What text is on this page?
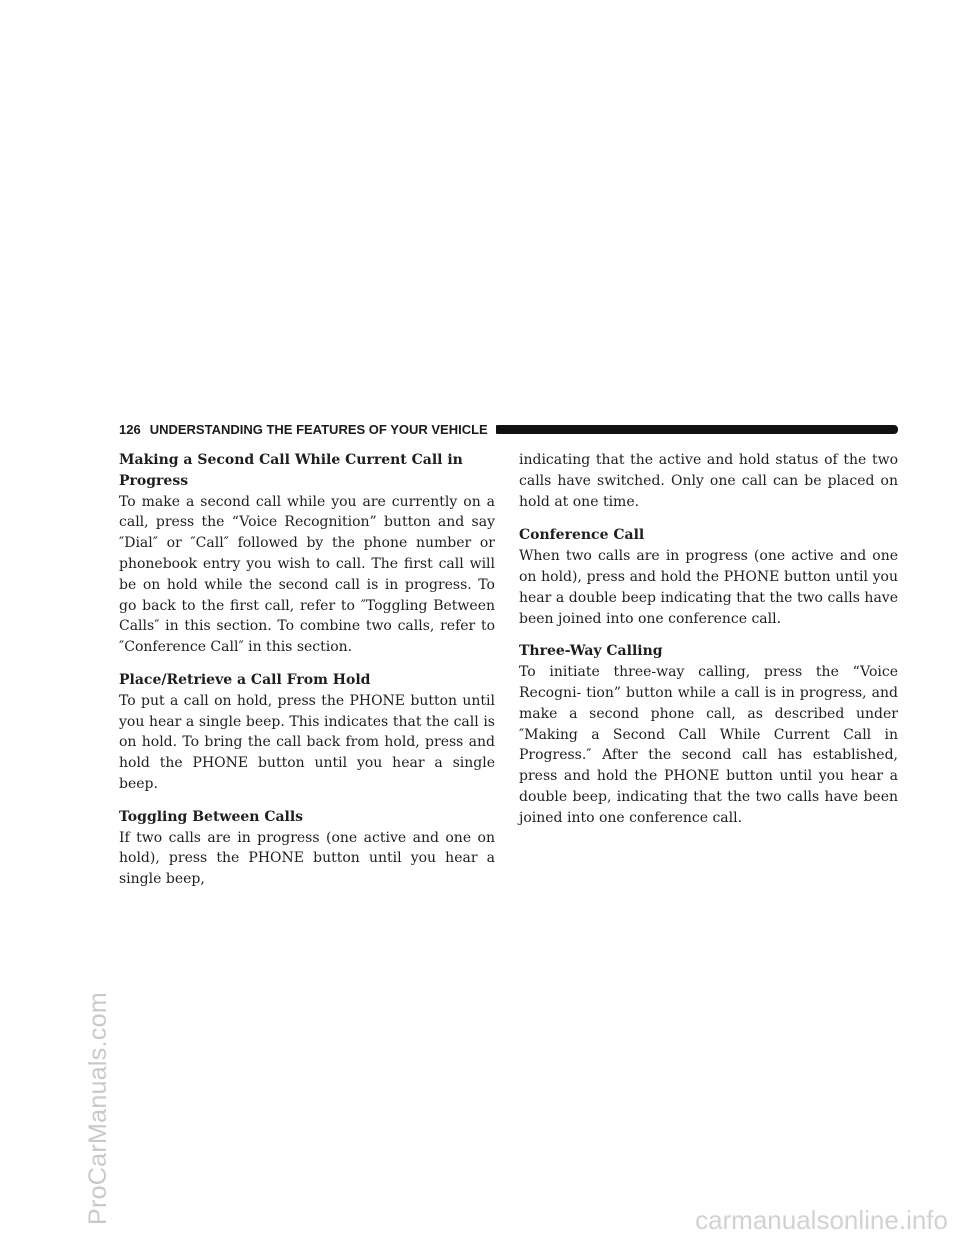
ProCarManuals.com	carmanualsonline.info
126 UNDERSTANDING THE FEATURES OF YOUR VEHICLE
Making a Second Call While Current Call in Progress

To make a second call while you are currently on a call, press the “Voice Recognition” button and say ″Dial″ or ″Call″ followed by the phone number or phonebook entry you wish to call. The first call will be on hold while the second call is in progress. To go back to the first call, refer to ″Toggling Between Calls″ in this section. To combine two calls, refer to ″Conference Call″ in this section.

Place/Retrieve a Call From Hold

To put a call on hold, press the PHONE button until you hear a single beep. This indicates that the call is on hold. To bring the call back from hold, press and hold the PHONE button until you hear a single beep.

Toggling Between Calls

If two calls are in progress (one active and one on hold), press the PHONE button until you hear a single beep,

indicating that the active and hold status of the two calls have switched. Only one call can be placed on hold at one time.

Conference Call

When two calls are in progress (one active and one on hold), press and hold the PHONE button until you hear a double beep indicating that the two calls have been joined into one conference call.

Three-Way Calling

To initiate three-way calling, press the “Voice Recogni- tion” button while a call is in progress, and make a second phone call, as described under ″Making a Second Call While Current Call in Progress.″ After the second call has established, press and hold the PHONE button until you hear a double beep, indicating that the two calls have been joined into one conference call.
